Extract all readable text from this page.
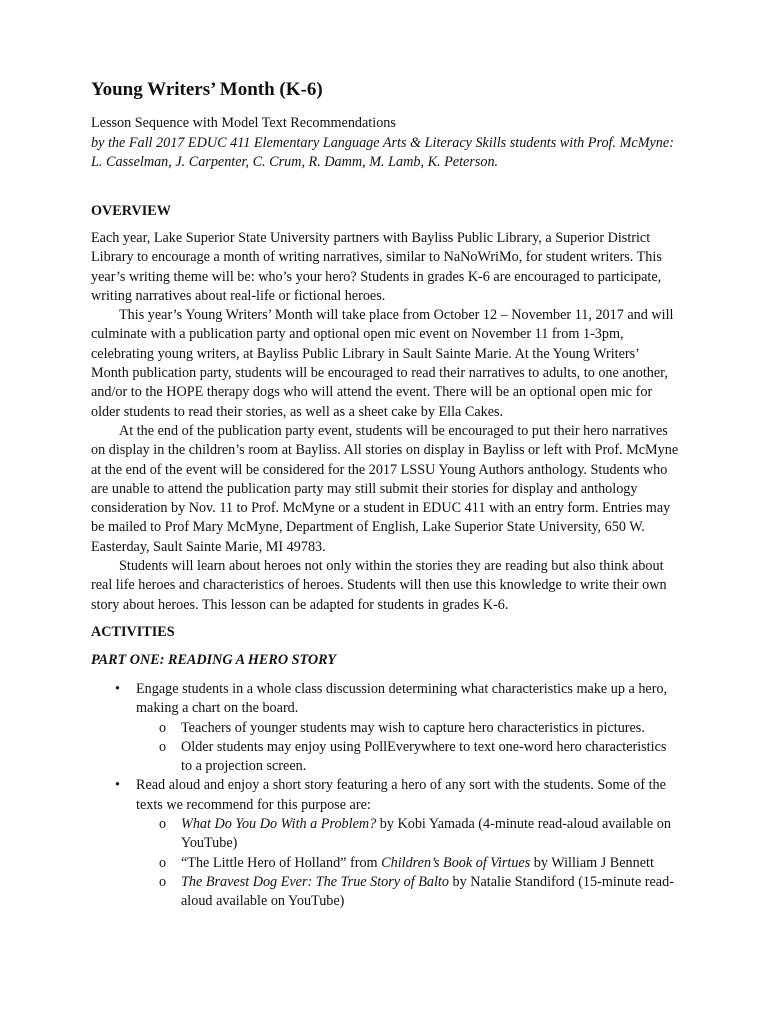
Young Writers’ Month (K-6)

Lesson Sequence with Model Text Recommendations

by the Fall 2017 EDUC 411 Elementary Language Arts & Literacy Skills students with Prof. McMyne: L. Casselman, J. Carpenter, C. Crum, R. Damm, M. Lamb, K. Peterson.

OVERVIEW

Each year, Lake Superior State University partners with Bayliss Public Library, a Superior District Library to encourage a month of writing narratives, similar to NaNoWriMo, for student writers. This year’s writing theme will be: who’s your hero? Students in grades K-6 are encouraged to participate, writing narratives about real-life or fictional heroes.

This year’s Young Writers’ Month will take place from October 12 – November 11, 2017 and will culminate with a publication party and optional open mic event on November 11 from 1-3pm, celebrating young writers, at Bayliss Public Library in Sault Sainte Marie. At the Young Writers’ Month publication party, students will be encouraged to read their narratives to adults, to one another, and/or to the HOPE therapy dogs who will attend the event. There will be an optional open mic for older students to read their stories, as well as a sheet cake by Ella Cakes.

At the end of the publication party event, students will be encouraged to put their hero narratives on display in the children’s room at Bayliss. All stories on display in Bayliss or left with Prof. McMyne at the end of the event will be considered for the 2017 LSSU Young Authors anthology. Students who are unable to attend the publication party may still submit their stories for display and anthology consideration by Nov. 11 to Prof. McMyne or a student in EDUC 411 with an entry form. Entries may be mailed to Prof Mary McMyne, Department of English, Lake Superior State University, 650 W. Easterday, Sault Sainte Marie, MI 49783.

Students will learn about heroes not only within the stories they are reading but also think about real life heroes and characteristics of heroes. Students will then use this knowledge to write their own story about heroes. This lesson can be adapted for students in grades K-6.

ACTIVITIES
PART ONE: READING A HERO STORY
• Engage students in a whole class discussion determining what characteristics make up a hero, making a chart on the board.
o Teachers of younger students may wish to capture hero characteristics in pictures.
o Older students may enjoy using PollEverywhere to text one-word hero characteristics to a projection screen.
• Read aloud and enjoy a short story featuring a hero of any sort with the students. Some of the texts we recommend for this purpose are:
o What Do You Do With a Problem? by Kobi Yamada (4-minute read-aloud available on YouTube)
o “The Little Hero of Holland” from Children’s Book of Virtues by William J Bennett
o The Bravest Dog Ever: The True Story of Balto by Natalie Standiford (15-minute read-aloud available on YouTube)
